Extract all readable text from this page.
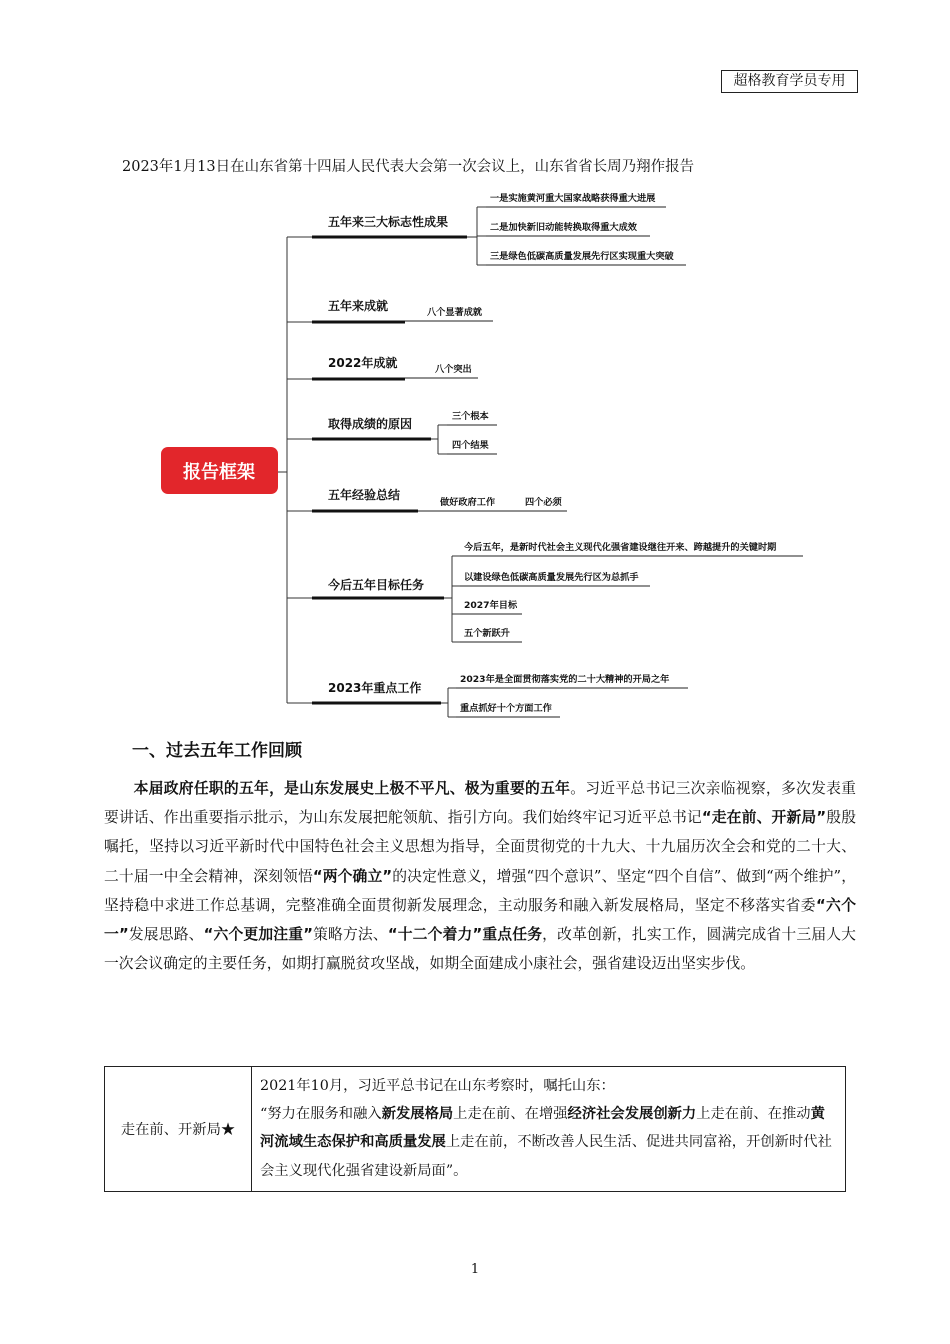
超格教育学员专用
2023年1月13日在山东省第十四届人民代表大会第一次会议上，山东省省长周乃翔作报告
报告框架
五年来三大标志性成果
五年来成就
2022年成就
取得成绩的原因
五年经验总结
今后五年目标任务
2023年重点工作
一是实施黄河重大国家战略获得重大进展
二是加快新旧动能转换取得重大成效
三是绿色低碳高质量发展先行区实现重大突破
八个显著成就
八个突出
三个根本
四个结果
做好政府工作	四个必须
今后五年，是新时代社会主义现代化强省建设继往开来、跨越提升的关键时期
以建设绿色低碳高质量发展先行区为总抓手
2027年目标
五个新跃升
2023年是全面贯彻落实党的二十大精神的开局之年
重点抓好十个方面工作
一、过去五年工作回顾

本届政府任职的五年，是山东发展史上极不平凡、极为重要的五年。习近平总书记三次亲临视察，多次发表重要讲话、作出重要指示批示，为山东发展把舵领航、指引方向。我们始终牢记习近平总书记“走在前、开新局”殷殷嘱托，坚持以习近平新时代中国特色社会主义思想为指导，全面贯彻党的十九大、十九届历次全会和党的二十大、二十届一中全会精神，深刻领悟“两个确立”的决定性意义，增强“四个意识”、坚定“四个自信”、做到“两个维护”，坚持稳中求进工作总基调，完整准确全面贯彻新发展理念，主动服务和融入新发展格局，坚定不移落实省委“六个一”发展思路、“六个更加注重”策略方法、“十二个着力”重点任务，改革创新，扎实工作，圆满完成省十三届人大一次会议确定的主要任务，如期打赢脱贫攻坚战，如期全面建成小康社会，强省建设迈出坚实步伐。

走在前、开新局★	
2021年10月，习近平总书记在山东考察时，嘱托山东：
“努力在服务和融入新发展格局上走在前、在增强经济社会发展创新力上走在前、在推动黄河流域生态保护和高质量发展上走在前，不断改善人民生活、促进共同富裕，开创新时代社会主义现代化强省建设新局面”。
1
